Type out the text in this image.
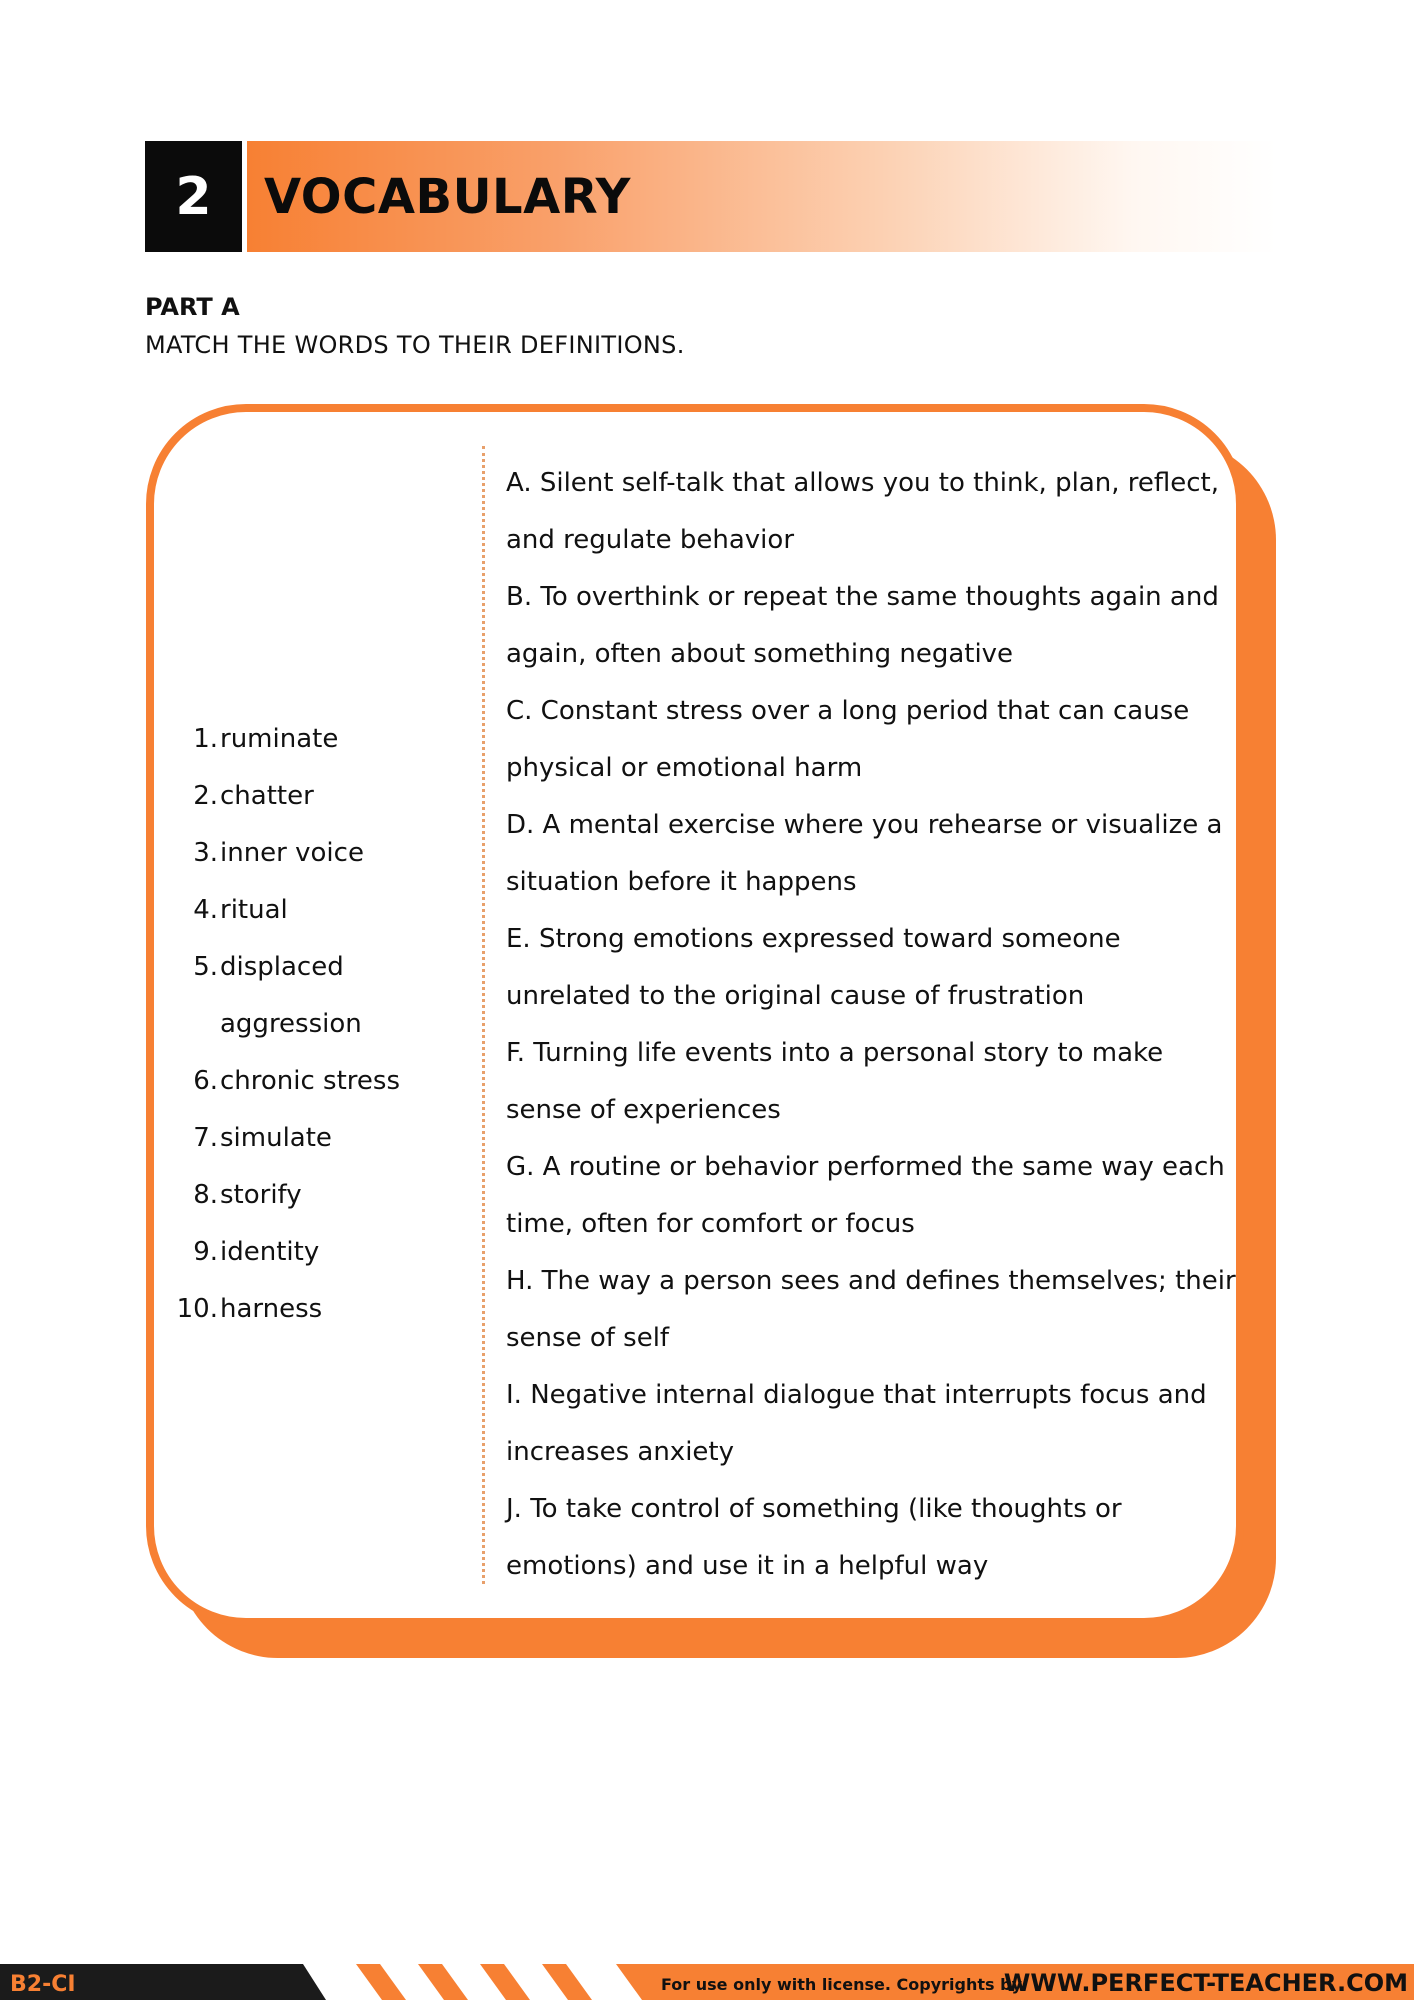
2	VOCABULARY
PART A
MATCH THE WORDS TO THEIR DEFINITIONS.
1. ruminate
2. chatter
3. inner voice
4. ritual
5. displaced aggression
6. chronic stress
7. simulate
8. storify
9. identity
10. harness

A. Silent self-talk that allows you to think, plan, reflect, and regulate behavior

B. To overthink or repeat the same thoughts again and again, often about something negative

C. Constant stress over a long period that can cause physical or emotional harm

D. A mental exercise where you rehearse or visualize a situation before it happens

E. Strong emotions expressed toward someone unrelated to the original cause of frustration

F. Turning life events into a personal story to make sense of experiences

G. A routine or behavior performed the same way each time, often for comfort or focus

H. The way a person sees and defines themselves; their sense of self

I. Negative internal dialogue that interrupts focus and increases anxiety

J. To take control of something (like thoughts or emotions) and use it in a helpful way

B2-CI	For use only with license. Copyrights by
WWW.PERFECT-TEACHER.COM
